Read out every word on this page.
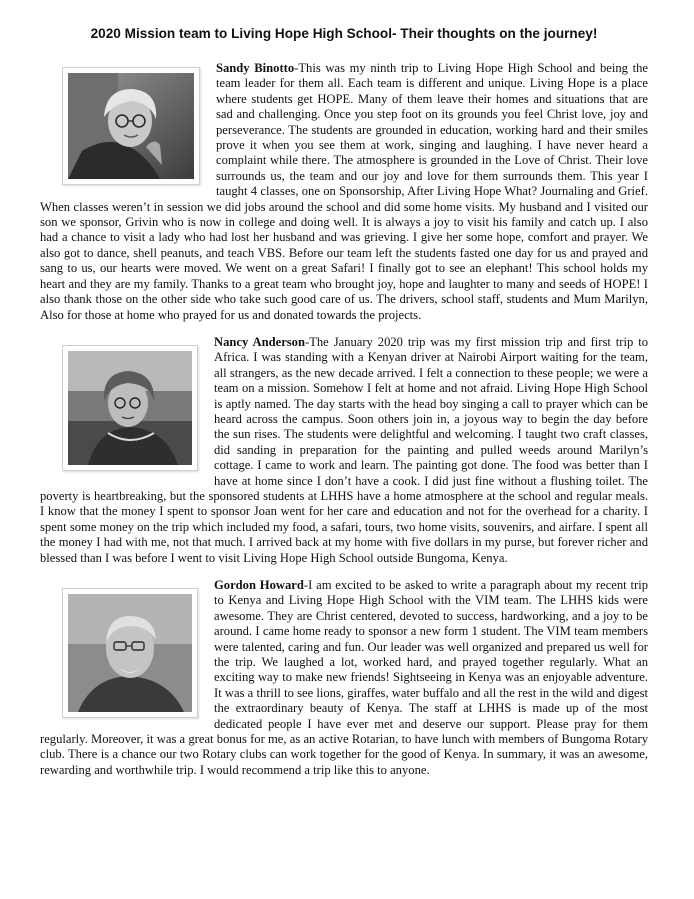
2020 Mission team to Living Hope High School- Their thoughts on the journey!
Sandy Binotto-This was my ninth trip to Living Hope High School and being the team leader for them all. Each team is different and unique. Living Hope is a place where students get HOPE. Many of them leave their homes and situations that are sad and challenging. Once you step foot on its grounds you feel Christ love, joy and perseverance. The students are grounded in education, working hard and their smiles prove it when you see them at work, singing and laughing. I have never heard a complaint while there. The atmosphere is grounded in the Love of Christ. Their love surrounds us, the team and our joy and love for them surrounds them. This year I taught 4 classes, one on Sponsorship, After Living Hope What? Journaling and Grief. When classes weren’t in session we did jobs around the school and did some home visits. My husband and I visited our son we sponsor, Grivin who is now in college and doing well. It is always a joy to visit his family and catch up. I also had a chance to visit a lady who had lost her husband and was grieving. I give her some hope, comfort and prayer. We also got to dance, shell peanuts, and teach VBS. Before our team left the students fasted one day for us and prayed and sang to us, our hearts were moved. We went on a great Safari! I finally got to see an elephant! This school holds my heart and they are my family. Thanks to a great team who brought joy, hope and laughter to many and seeds of HOPE! I also thank those on the other side who take such good care of us. The drivers, school staff, students and Mum Marilyn, Also for those at home who prayed for us and donated towards the projects.
Nancy Anderson-The January 2020 trip was my first mission trip and first trip to Africa. I was standing with a Kenyan driver at Nairobi Airport waiting for the team, all strangers, as the new decade arrived. I felt a connection to these people; we were a team on a mission. Somehow I felt at home and not afraid. Living Hope High School is aptly named. The day starts with the head boy singing a call to prayer which can be heard across the campus. Soon others join in, a joyous way to begin the day before the sun rises. The students were delightful and welcoming. I taught two craft classes, did sanding in preparation for the painting and pulled weeds around Marilyn’s cottage. I came to work and learn. The painting got done. The food was better than I have at home since I don’t have a cook. I did just fine without a flushing toilet. The poverty is heartbreaking, but the sponsored students at LHHS have a home atmosphere at the school and regular meals. I know that the money I spent to sponsor Joan went for her care and education and not for the overhead for a charity. I spent some money on the trip which included my food, a safari, tours, two home visits, souvenirs, and airfare. I spent all the money I had with me, not that much. I arrived back at my home with five dollars in my purse, but forever richer and blessed than I was before I went to visit Living Hope High School outside Bungoma, Kenya.
Gordon Howard-I am excited to be asked to write a paragraph about my recent trip to Kenya and Living Hope High School with the VIM team. The LHHS kids were awesome. They are Christ centered, devoted to success, hardworking, and a joy to be around. I came home ready to sponsor a new form 1 student. The VIM team members were talented, caring and fun. Our leader was well organized and prepared us well for the trip. We laughed a lot, worked hard, and prayed together regularly. What an exciting way to make new friends! Sightseeing in Kenya was an enjoyable adventure. It was a thrill to see lions, giraffes, water buffalo and all the rest in the wild and digest the extraordinary beauty of Kenya. The staff at LHHS is made up of the most dedicated people I have ever met and deserve our support. Please pray for them regularly. Moreover, it was a great bonus for me, as an active Rotarian, to have lunch with members of Bungoma Rotary club. There is a chance our two Rotary clubs can work together for the good of Kenya. In summary, it was an awesome, rewarding and worthwhile trip. I would recommend a trip like this to anyone.
